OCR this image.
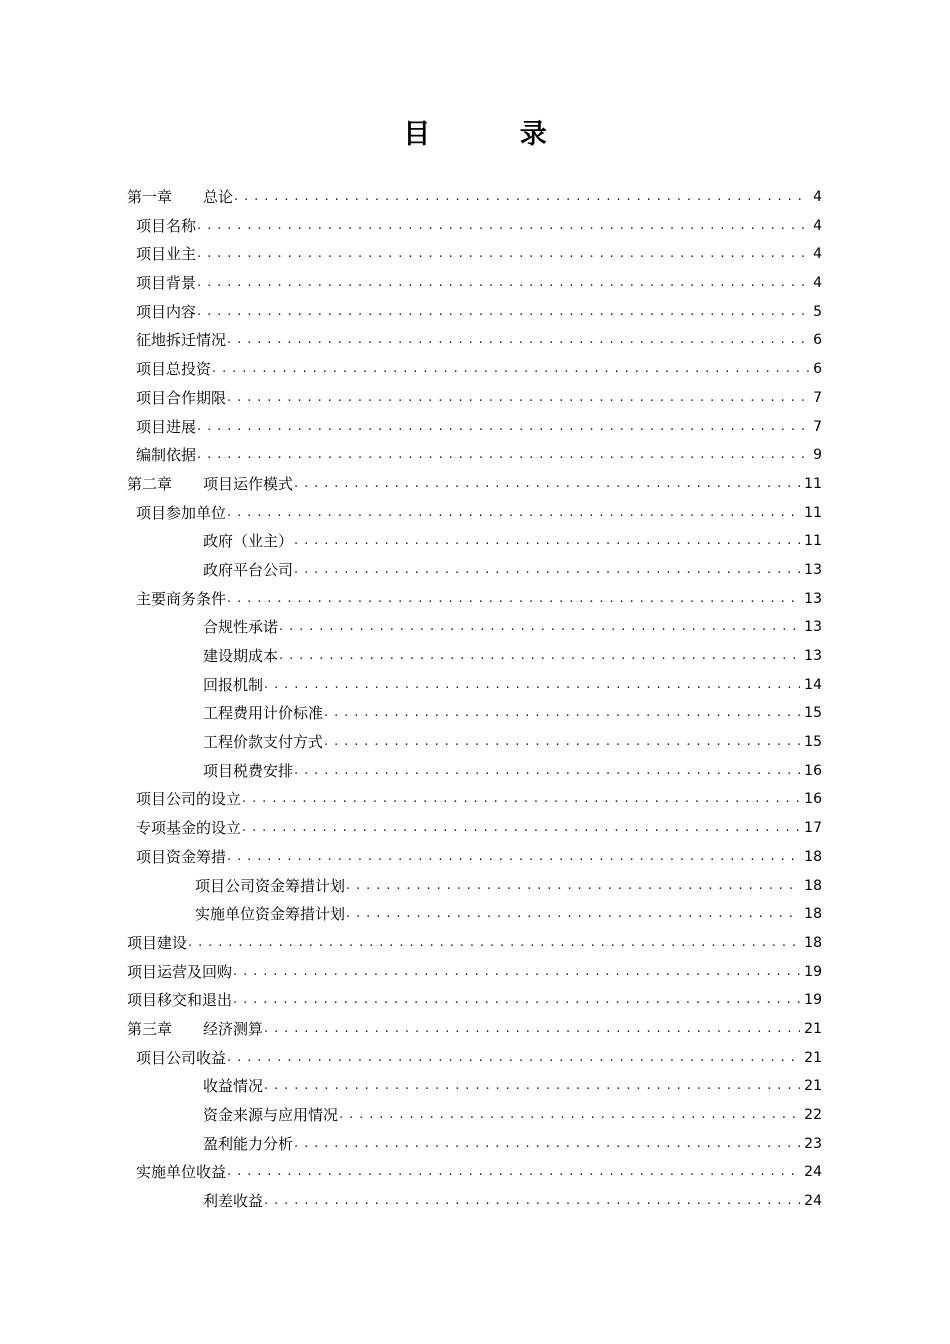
目 录
第一章 总论 . . .	4
项目名称 . . .	4
项目业主 . . .	4
项目背景 . . .	4
项目内容 . . .	5
征地拆迁情况 . . .	6
项目总投资 . . .	6
项目合作期限 . . .	7
项目进展 . . .	7
编制依据 . . .	9
第二章 项目运作模式 . . .	11
项目参加单位 . . .	11
政府（业主） . . .	11
政府平台公司 . . .	13
主要商务条件 . . .	13
合规性承诺 . . .	13
建设期成本 . . .	13
回报机制 . . .	14
工程费用计价标准 . . .	15
工程价款支付方式 . . .	15
项目税费安排 . . .	16
项目公司的设立 . . .	16
专项基金的设立 . . .	17
项目资金筹措 . . .	18
项目公司资金筹措计划 . . .	18
实施单位资金筹措计划 . . .	18
项目建设 . . .	18
项目运营及回购 . . .	19
项目移交和退出 . . .	19
第三章 经济测算 . . .	21
项目公司收益 . . .	21
收益情况 . . .	21
资金来源与应用情况 . . .	22
盈利能力分析 . . .	23
实施单位收益 . . .	24
利差收益 . . .	24
